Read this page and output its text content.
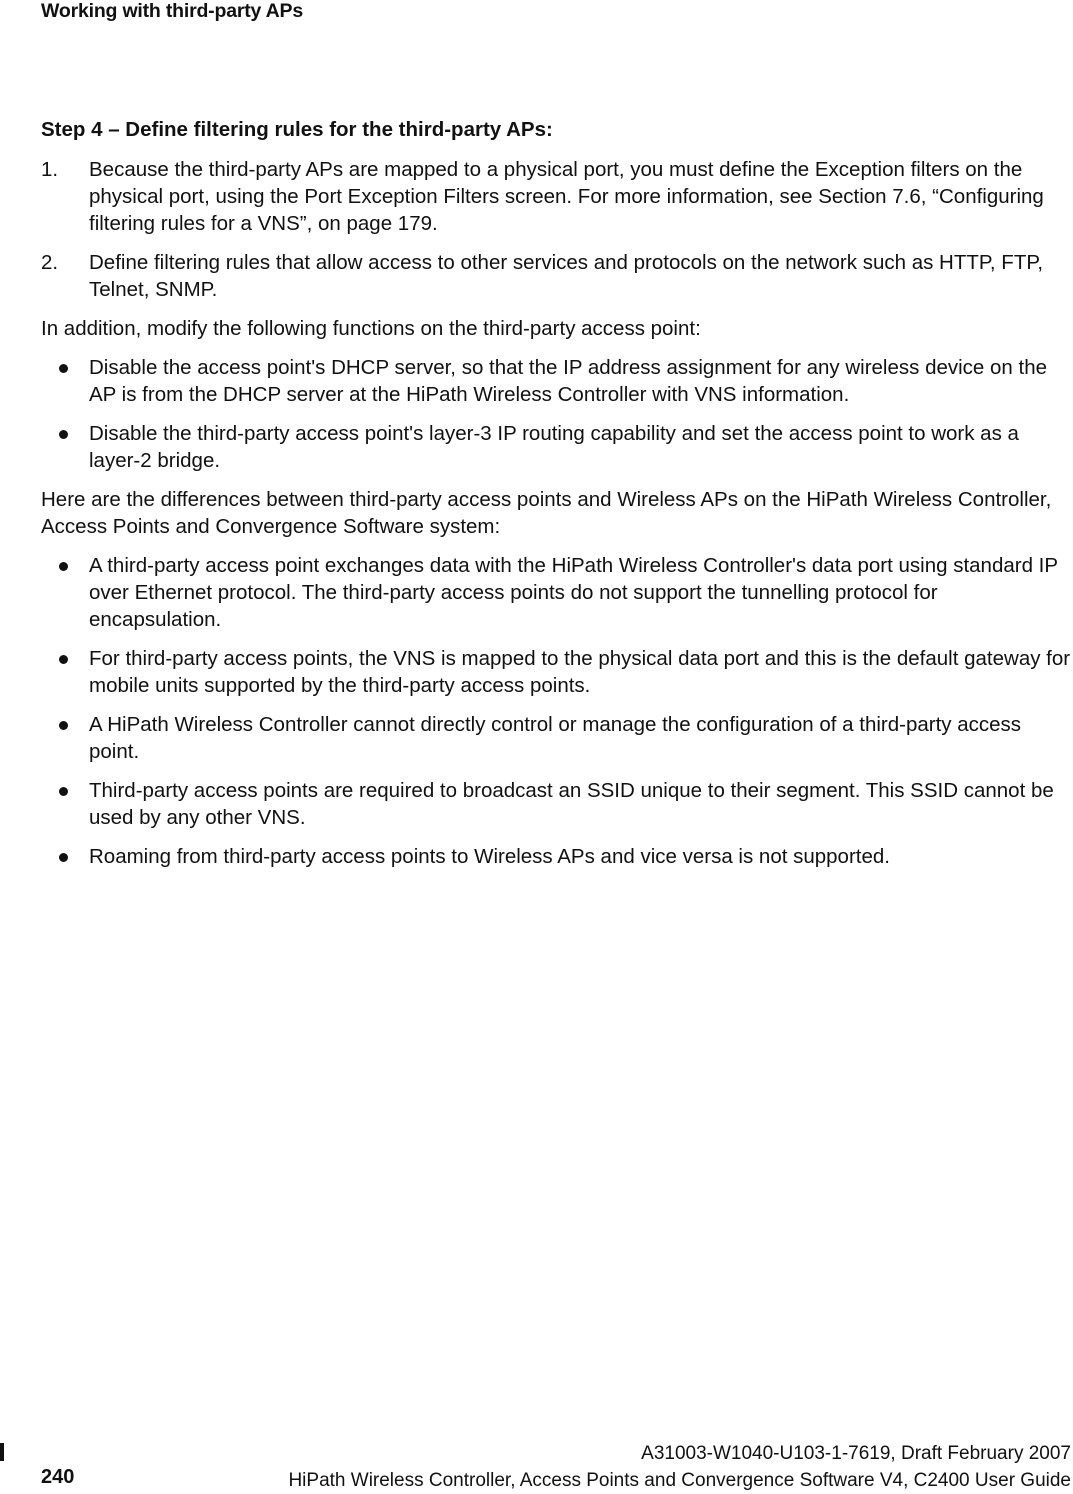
Working with third-party APs
Step 4 – Define filtering rules for the third-party APs:
1. Because the third-party APs are mapped to a physical port, you must define the Exception filters on the physical port, using the Port Exception Filters screen. For more information, see Section 7.6, “Configuring filtering rules for a VNS”, on page 179.
2. Define filtering rules that allow access to other services and protocols on the network such as HTTP, FTP, Telnet, SNMP.
In addition, modify the following functions on the third-party access point:
Disable the access point's DHCP server, so that the IP address assignment for any wireless device on the AP is from the DHCP server at the HiPath Wireless Controller with VNS information.
Disable the third-party access point's layer-3 IP routing capability and set the access point to work as a layer-2 bridge.
Here are the differences between third-party access points and Wireless APs on the HiPath Wireless Controller, Access Points and Convergence Software system:
A third-party access point exchanges data with the HiPath Wireless Controller's data port using standard IP over Ethernet protocol. The third-party access points do not support the tunnelling protocol for encapsulation.
For third-party access points, the VNS is mapped to the physical data port and this is the default gateway for mobile units supported by the third-party access points.
A HiPath Wireless Controller cannot directly control or manage the configuration of a third-party access point.
Third-party access points are required to broadcast an SSID unique to their segment. This SSID cannot be used by any other VNS.
Roaming from third-party access points to Wireless APs and vice versa is not supported.
A31003-W1040-U103-1-7619, Draft February 2007
HiPath Wireless Controller, Access Points and Convergence Software V4, C2400 User Guide
240
